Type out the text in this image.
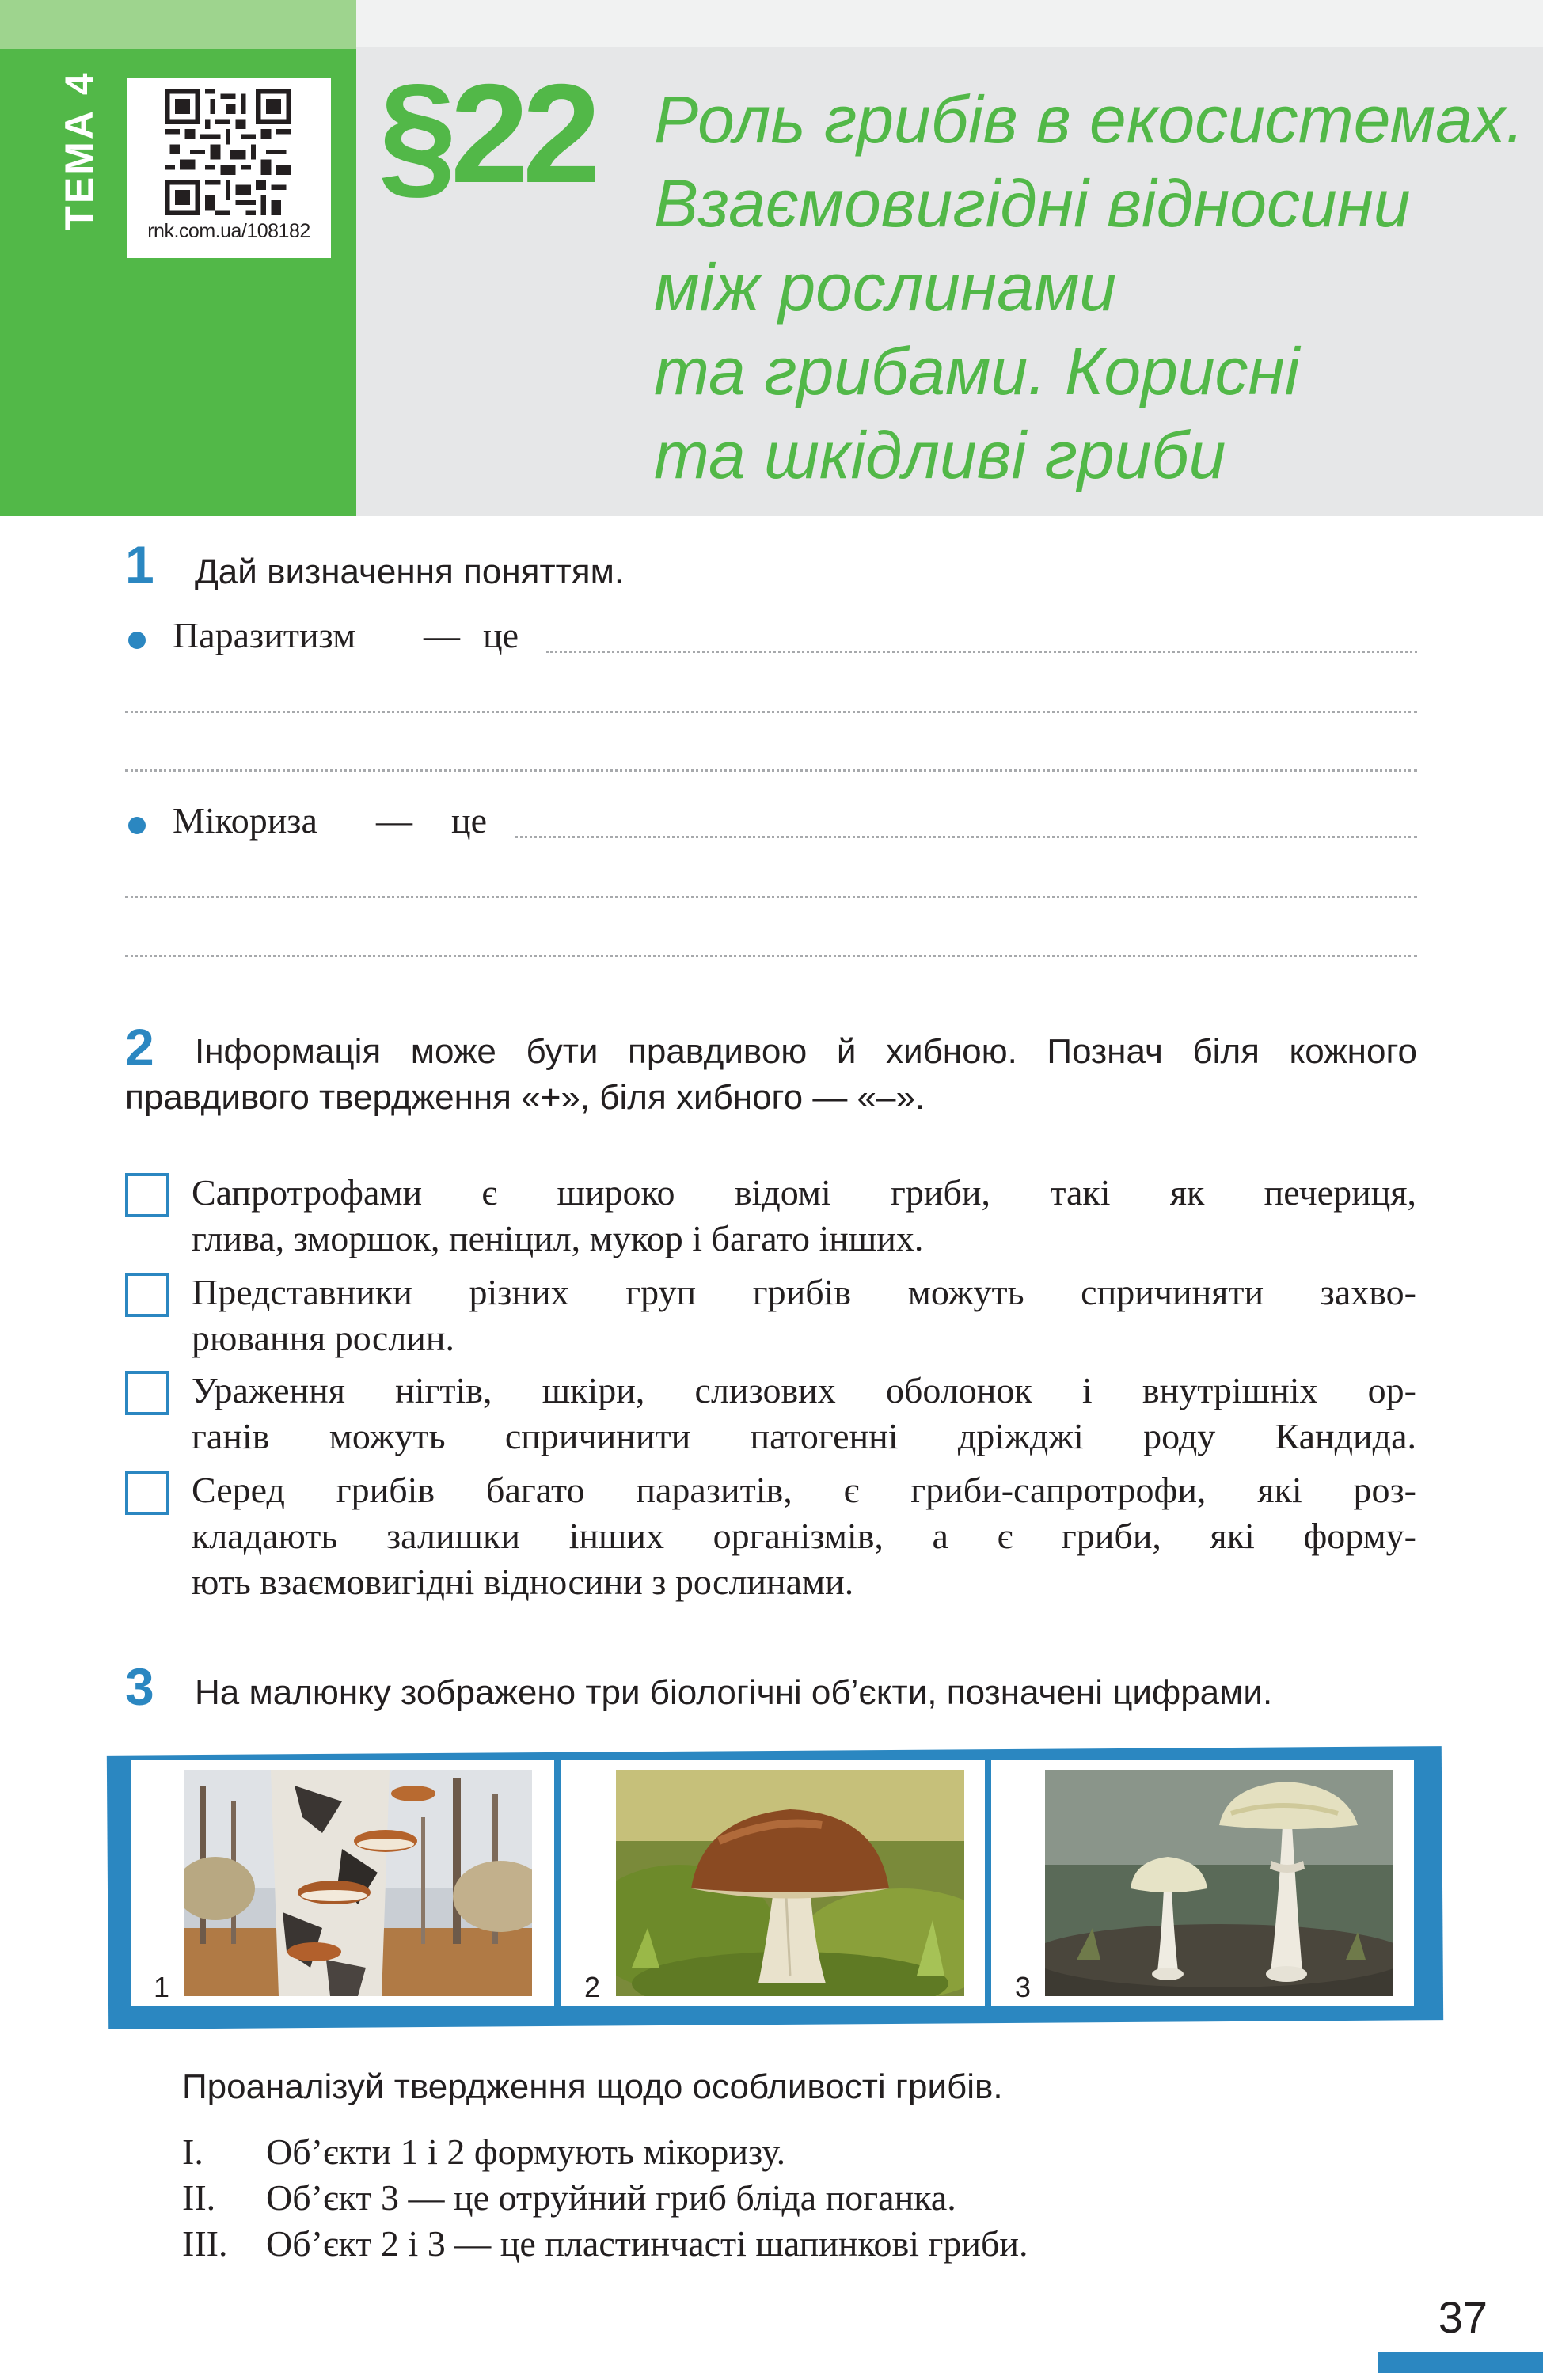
ТЕМА 4
rnk.com.ua/108182
§22 Роль грибів в екосистемах.
Взаємовигідні відносини
між рослинами
та грибами. Корисні
та шкідливі гриби
1 Дай визначення поняттям.
Паразитизм — це
Мікориза — це
2 Інформація може бути правдивою й хибною. Познач біля кожного
правдивого твердження «+», біля хибного — «–».
Сапротрофами є широко відомі гриби, такі як печериця,
глива, зморшок, пеніцил, мукор і багато інших.
Представники різних груп грибів можуть спричиняти захво-
рювання рослин.
Ураження нігтів, шкіри, слизових оболонок і внутрішніх ор-
ганів можуть спричинити патогенні дріжджі роду Кандида.
Серед грибів багато паразитів, є гриби-сапротрофи, які роз-
кладають залишки інших організмів, а є гриби, які форму-
ють взаємовигідні відносини з рослинами.
3 На малюнку зображено три біологічні об’єкти, позначені цифрами.
1	2	3
Проаналізуй твердження щодо особливості грибів.
I. Об’єкти 1 і 2 формують мікоризу.
II. Об’єкт 3 — це отруйний гриб бліда поганка.
III. Об’єкт 2 і 3 — це пластинчасті шапинкові гриби.
37
